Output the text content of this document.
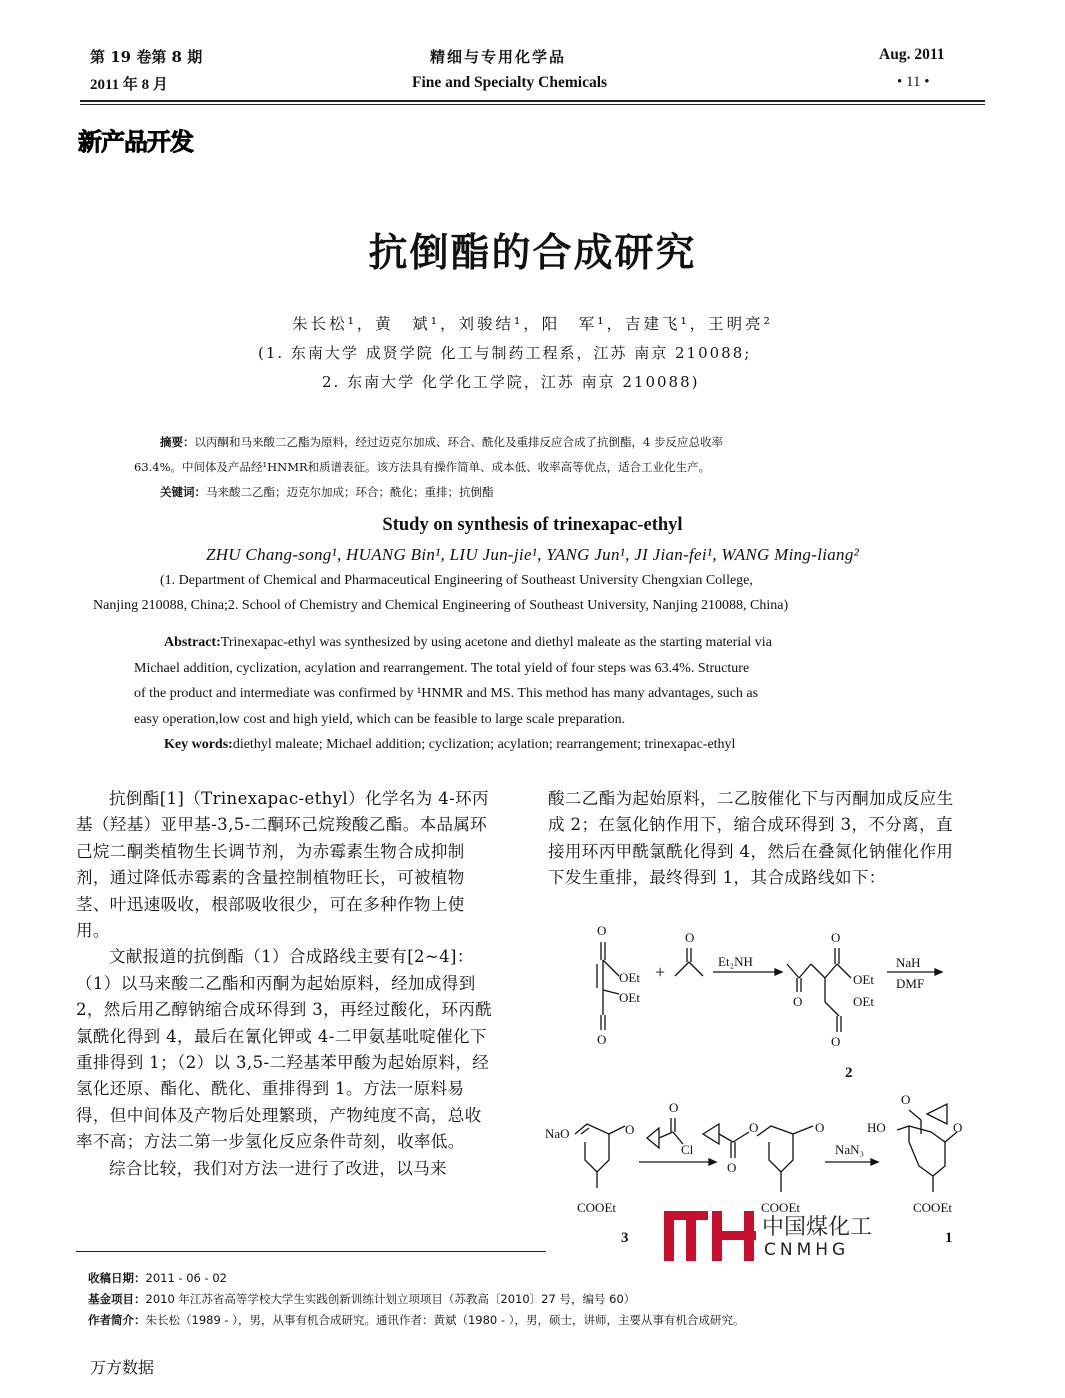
第 19 卷第 8 期
2011 年 8 月
精细与专用化学品
Fine and Specialty Chemicals
Aug. 2011
• 11 •
新产品开发
抗倒酯的合成研究
朱长松¹，黄　斌¹，刘骏结¹，阳　军¹，吉建飞¹，王明亮²
(1. 东南大学 成贤学院 化工与制药工程系，江苏 南京 210088;
2. 东南大学 化学化工学院，江苏 南京 210088)
摘要：以丙酮和马来酸二乙酯为原料，经过迈克尔加成、环合、酰化及重排反应合成了抗倒酯，4 步反应总收率

63.4%。中间体及产品经¹HNMR和质谱表征。该方法具有操作简单、成本低、收率高等优点，适合工业化生产。
关键词：马来酸二乙酯；迈克尔加成；环合；酰化；重排；抗倒酯
Study on synthesis of trinexapac-ethyl
ZHU Chang-song¹, HUANG Bin¹, LIU Jun-jie¹, YANG Jun¹, JI Jian-fei¹, WANG Ming-liang²
(1. Department of Chemical and Pharmaceutical Engineering of Southeast University Chengxian College,
Nanjing 210088, China;2. School of Chemistry and Chemical Engineering of Southeast University, Nanjing 210088, China)
Abstract:Trinexapac-ethyl was synthesized by using acetone and diethyl maleate as the starting material via
Michael addition, cyclization, acylation and rearrangement. The total yield of four steps was 63.4%. Structure
of the product and intermediate was confirmed by ¹HNMR and MS. This method has many advantages, such as
easy operation,low cost and high yield, which can be feasible to large scale preparation.
Key words:diethyl maleate; Michael addition; cyclization; acylation; rearrangement; trinexapac-ethyl

抗倒酯[1]（Trinexapac-ethyl）化学名为 4-环丙基（羟基）亚甲基-3,5-二酮环己烷羧酸乙酯。本品属环己烷二酮类植物生长调节剂，为赤霉素生物合成抑制剂，通过降低赤霉素的含量控制植物旺长，可被植物茎、叶迅速吸收，根部吸收很少，可在多种作物上使用。

文献报道的抗倒酯（1）合成路线主要有[2~4]：（1）以马来酸二乙酯和丙酮为起始原料，经加成得到 2，然后用乙醇钠缩合成环得到 3，再经过酸化，环丙酰氯酰化得到 4，最后在氰化钾或 4-二甲氨基吡啶催化下重排得到 1；（2）以 3,5-二羟基苯甲酸为起始原料，经氢化还原、酯化、酰化、重排得到 1。方法一原料易得，但中间体及产物后处理繁琐，产物纯度不高，总收率不高；方法二第一步氢化反应条件苛刻，收率低。

综合比较，我们对方法一进行了改进，以马来

酸二乙酯为起始原料，二乙胺催化下与丙酮加成反应生成 2；在氢化钠作用下，缩合成环得到 3，不分离，直接用环丙甲酰氯酰化得到 4，然后在叠氮化钠催化作用下发生重排，最终得到 1，其合成路线如下：

O
O
OEt
OEt
+
O
Et₂NH
O
O
OEt
O
OEt
2
NaH
DMF
NaO	O
COOEt
3
O
Cl
O
O	O
COOEt
NaN₃
HO
O
O
COOEt
1
中国煤化工
CNMHG
收稿日期：2011 - 06 - 02
基金项目：2010 年江苏省高等学校大学生实践创新训练计划立项项目（苏教高〔2010〕27 号，编号 60）
作者简介：朱长松（1989 - ），男，从事有机合成研究。通讯作者：黄斌（1980 - ），男，硕士，讲师，主要从事有机合成研究。
万方数据
